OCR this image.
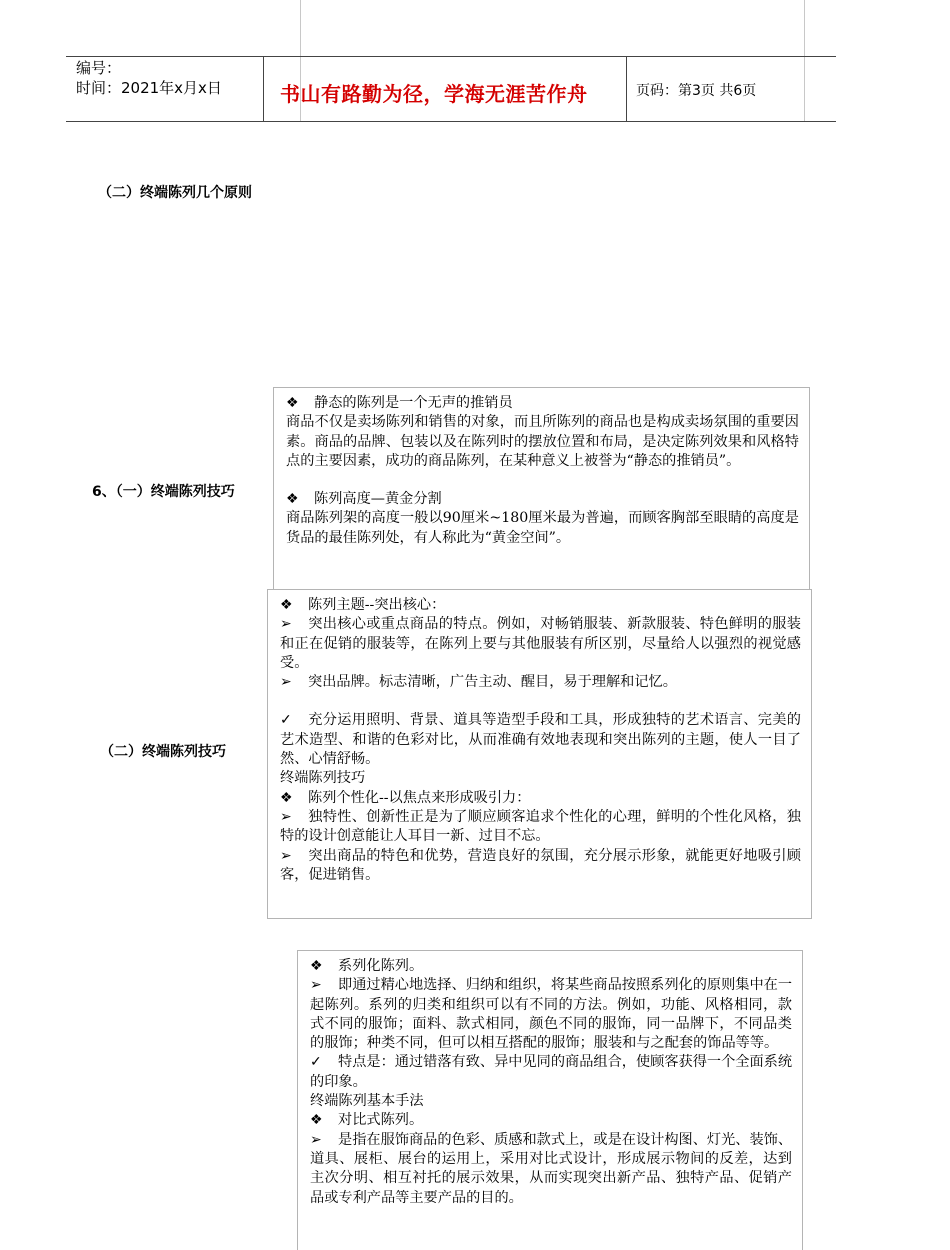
编号：
时间：2021年x月x日	书山有路勤为径，学海无涯苦作舟	页码：第3页 共6页
（二）终端陈列几个原则
6、（一）终端陈列技巧
（二）终端陈列技巧

❖ 静态的陈列是一个无声的推销员

商品不仅是卖场陈列和销售的对象，而且所陈列的商品也是构成卖场氛围的重要因素。商品的品牌、包装以及在陈列时的摆放位置和布局，是决定陈列效果和风格特点的主要因素，成功的商品陈列，在某种意义上被誉为“静态的推销员”。

❖ 陈列高度—黄金分割

商品陈列架的高度一般以90厘米~180厘米最为普遍，而顾客胸部至眼睛的高度是货品的最佳陈列处，有人称此为“黄金空间”。

❖ 陈列主题--突出核心：

➢ 突出核心或重点商品的特点。例如，对畅销服装、新款服装、特色鲜明的服装和正在促销的服装等，在陈列上要与其他服装有所区别，尽量给人以强烈的视觉感受。

➢ 突出品牌。标志清晰，广告主动、醒目，易于理解和记忆。

✓ 充分运用照明、背景、道具等造型手段和工具，形成独特的艺术语言、完美的艺术造型、和谐的色彩对比，从而准确有效地表现和突出陈列的主题，使人一目了然、心情舒畅。

终端陈列技巧

❖ 陈列个性化--以焦点来形成吸引力：

➢ 独特性、创新性正是为了顺应顾客追求个性化的心理，鲜明的个性化风格，独特的设计创意能让人耳目一新、过目不忘。

➢ 突出商品的特色和优势，营造良好的氛围，充分展示形象，就能更好地吸引顾客，促进销售。

❖ 系列化陈列。

➢ 即通过精心地选择、归纳和组织，将某些商品按照系列化的原则集中在一起陈列。系列的归类和组织可以有不同的方法。例如，功能、风格相同，款式不同的服饰；面料、款式相同，颜色不同的服饰，同一品牌下，不同品类的服饰；种类不同，但可以相互搭配的服饰；服装和与之配套的饰品等等。

✓ 特点是：通过错落有致、异中见同的商品组合，使顾客获得一个全面系统的印象。

终端陈列基本手法

❖ 对比式陈列。

➢ 是指在服饰商品的色彩、质感和款式上，或是在设计构图、灯光、装饰、道具、展柜、展台的运用上，采用对比式设计，形成展示物间的反差，达到主次分明、相互衬托的展示效果，从而实现突出新产品、独特产品、促销产品或专利产品等主要产品的目的。
